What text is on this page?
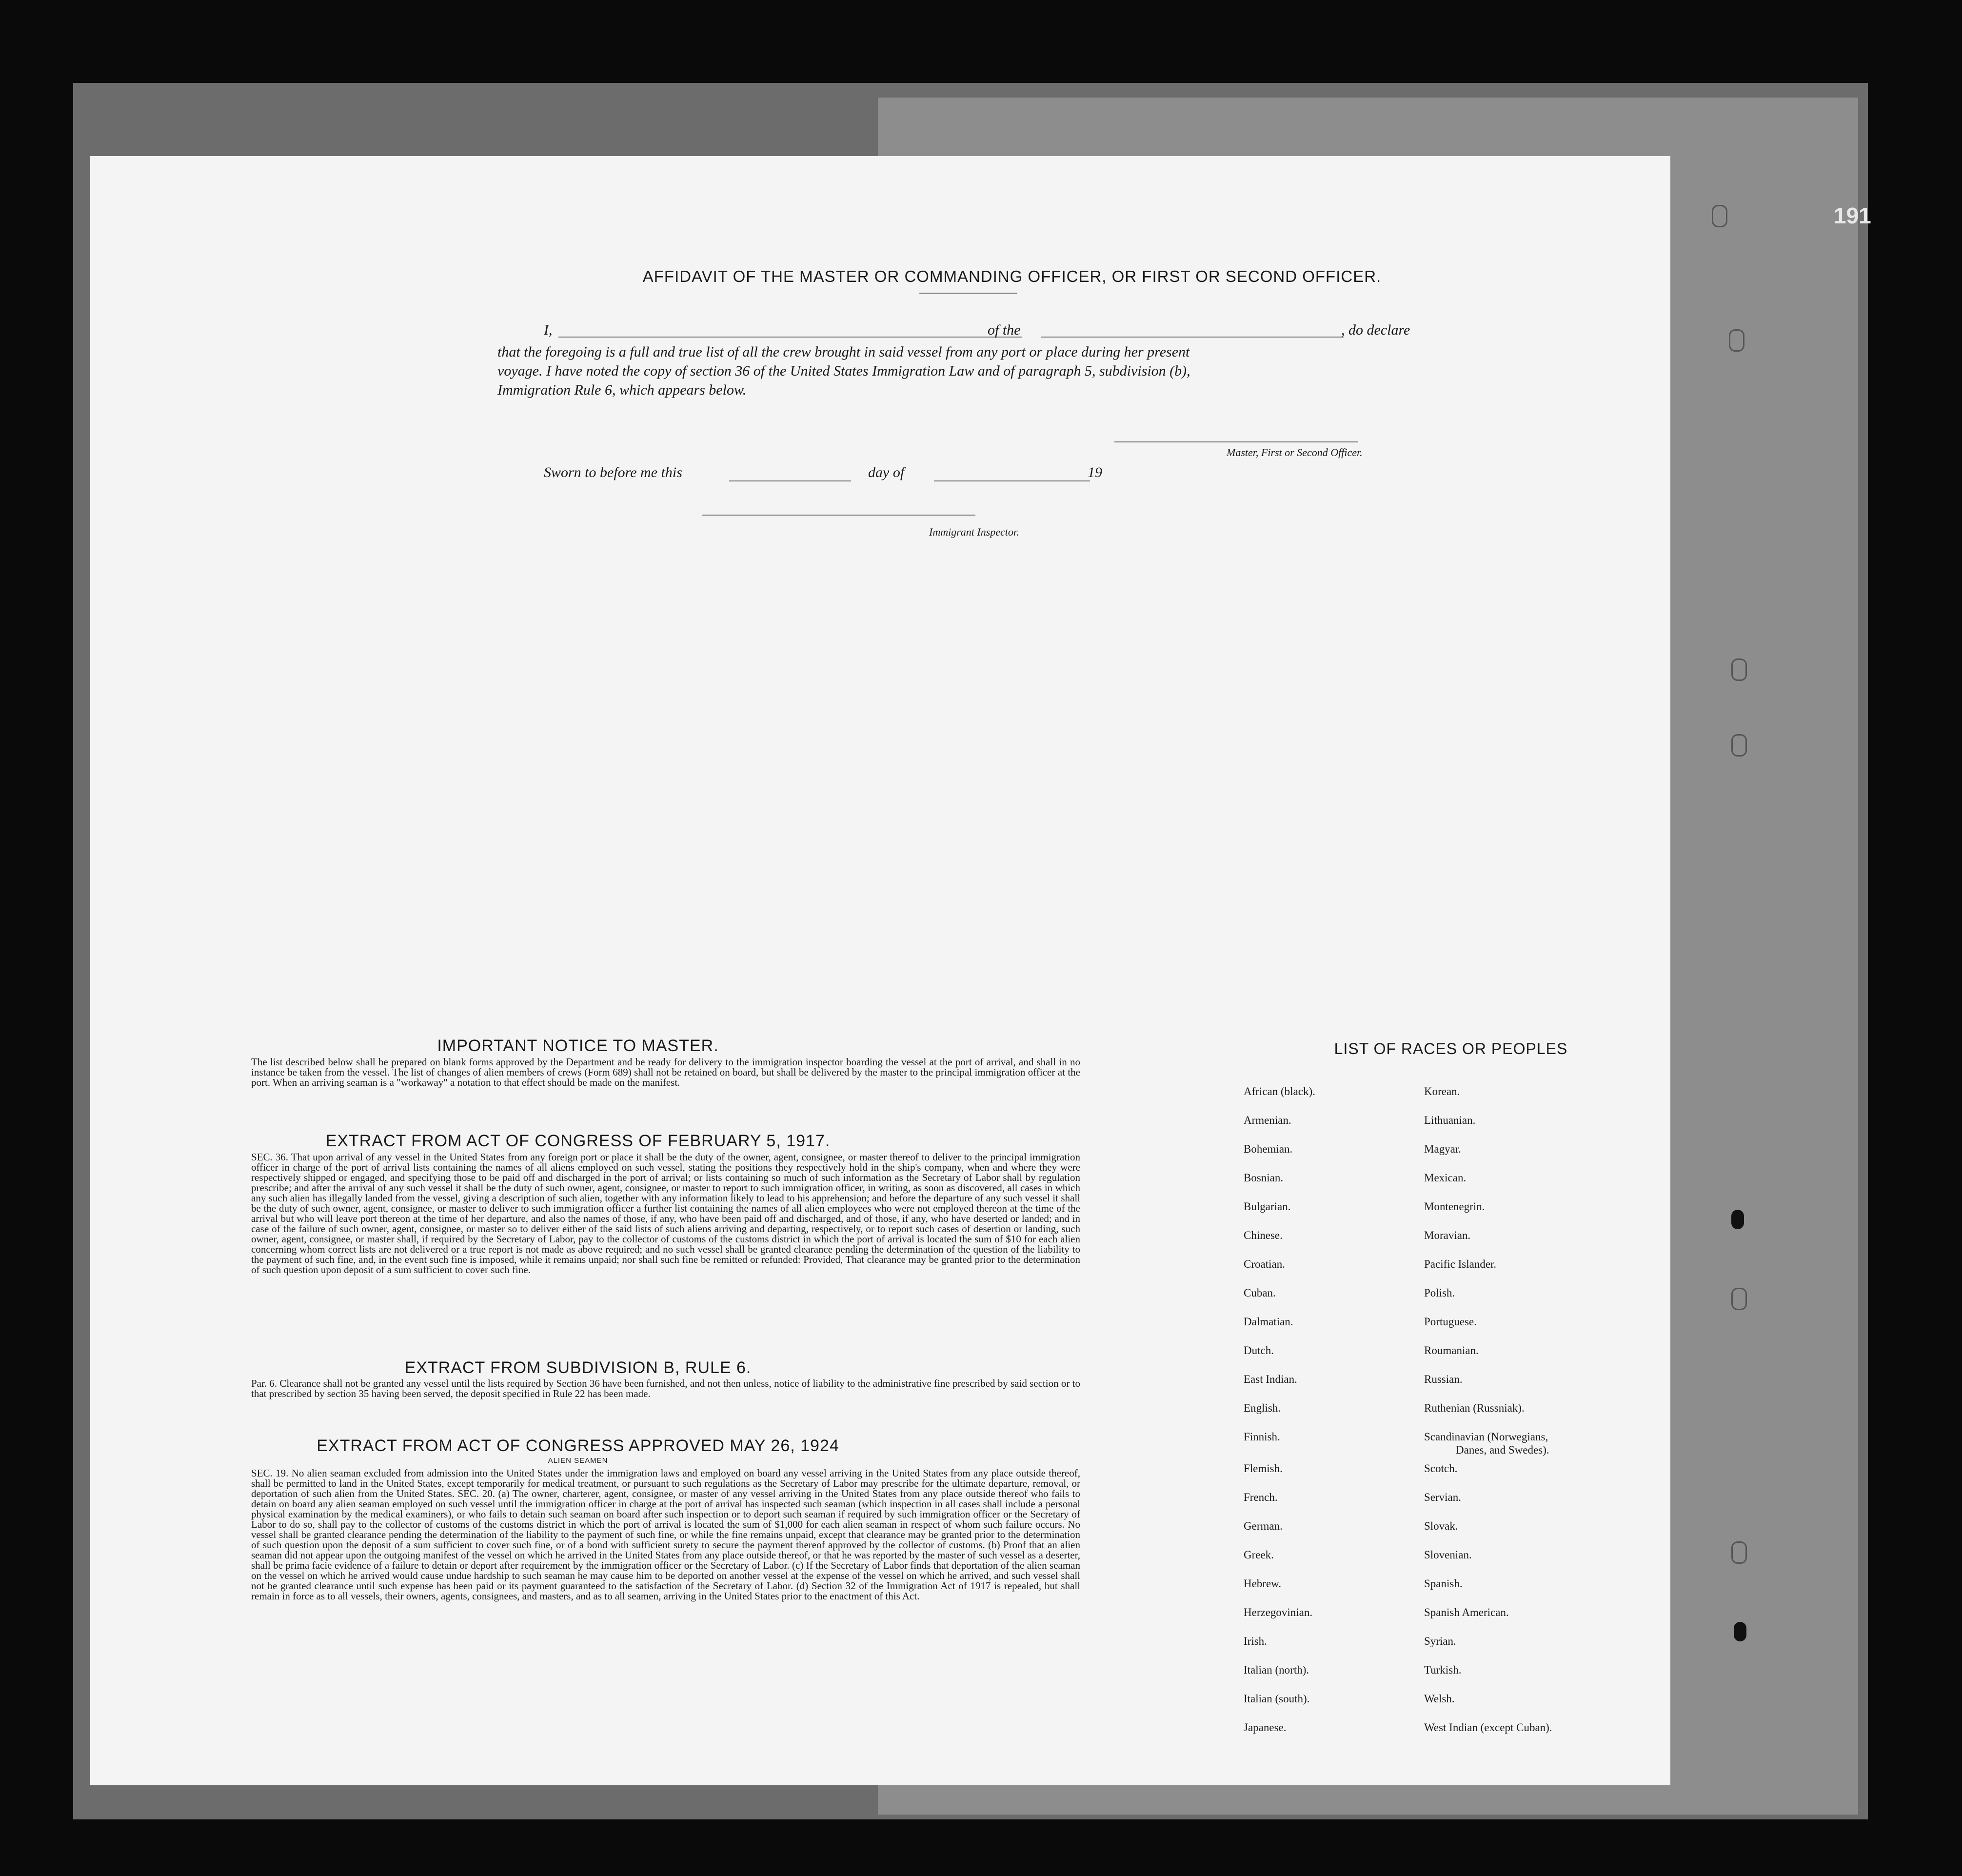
191
AFFIDAVIT OF THE MASTER OR COMMANDING OFFICER, OR FIRST OR SECOND OFFICER.
I,	of the	, do declare
that the foregoing is a full and true list of all the crew brought in said vessel from any port or place during her present
voyage. I have noted the copy of section 36 of the United States Immigration Law and of paragraph 5, subdivision (b),
Immigration Rule 6, which appears below.
Master, First or Second Officer.
Sworn to before me this	day of	19
Immigrant Inspector.
IMPORTANT NOTICE TO MASTER.
The list described below shall be prepared on blank forms approved by the Department and be ready for delivery to the immigration inspector boarding the vessel at the port of arrival, and shall in no instance be taken from the vessel. The list of changes of alien members of crews (Form 689) shall not be retained on board, but shall be delivered by the master to the principal immigration officer at the port. When an arriving seaman is a "workaway" a notation to that effect should be made on the manifest.
EXTRACT FROM ACT OF CONGRESS OF FEBRUARY 5, 1917.
SEC. 36. That upon arrival of any vessel in the United States from any foreign port or place it shall be the duty of the owner, agent, consignee, or master thereof to deliver to the principal immigration officer in charge of the port of arrival lists containing the names of all aliens employed on such vessel, stating the positions they respectively hold in the ship's company, when and where they were respectively shipped or engaged, and specifying those to be paid off and discharged in the port of arrival; or lists containing so much of such information as the Secretary of Labor shall by regulation prescribe; and after the arrival of any such vessel it shall be the duty of such owner, agent, consignee, or master to report to such immigration officer, in writing, as soon as discovered, all cases in which any such alien has illegally landed from the vessel, giving a description of such alien, together with any information likely to lead to his apprehension; and before the departure of any such vessel it shall be the duty of such owner, agent, consignee, or master to deliver to such immigration officer a further list containing the names of all alien employees who were not employed thereon at the time of the arrival but who will leave port thereon at the time of her departure, and also the names of those, if any, who have been paid off and discharged, and of those, if any, who have deserted or landed; and in case of the failure of such owner, agent, consignee, or master so to deliver either of the said lists of such aliens arriving and departing, respectively, or to report such cases of desertion or landing, such owner, agent, consignee, or master shall, if required by the Secretary of Labor, pay to the collector of customs of the customs district in which the port of arrival is located the sum of $10 for each alien concerning whom correct lists are not delivered or a true report is not made as above required; and no such vessel shall be granted clearance pending the determination of the question of the liability to the payment of such fine, and, in the event such fine is imposed, while it remains unpaid; nor shall such fine be remitted or refunded: Provided, That clearance may be granted prior to the determination of such question upon deposit of a sum sufficient to cover such fine.
EXTRACT FROM SUBDIVISION B, RULE 6.
Par. 6. Clearance shall not be granted any vessel until the lists required by Section 36 have been furnished, and not then unless, notice of liability to the administrative fine prescribed by said section or to that prescribed by section 35 having been served, the deposit specified in Rule 22 has been made.
EXTRACT FROM ACT OF CONGRESS APPROVED MAY 26, 1924
ALIEN SEAMEN
SEC. 19. No alien seaman excluded from admission into the United States under the immigration laws and employed on board any vessel arriving in the United States from any place outside thereof, shall be permitted to land in the United States, except temporarily for medical treatment, or pursuant to such regulations as the Secretary of Labor may prescribe for the ultimate departure, removal, or deportation of such alien from the United States. SEC. 20. (a) The owner, charterer, agent, consignee, or master of any vessel arriving in the United States from any place outside thereof who fails to detain on board any alien seaman employed on such vessel until the immigration officer in charge at the port of arrival has inspected such seaman (which inspection in all cases shall include a personal physical examination by the medical examiners), or who fails to detain such seaman on board after such inspection or to deport such seaman if required by such immigration officer or the Secretary of Labor to do so, shall pay to the collector of customs of the customs district in which the port of arrival is located the sum of $1,000 for each alien seaman in respect of whom such failure occurs. No vessel shall be granted clearance pending the determination of the liability to the payment of such fine, or while the fine remains unpaid, except that clearance may be granted prior to the determination of such question upon the deposit of a sum sufficient to cover such fine, or of a bond with sufficient surety to secure the payment thereof approved by the collector of customs. (b) Proof that an alien seaman did not appear upon the outgoing manifest of the vessel on which he arrived in the United States from any place outside thereof, or that he was reported by the master of such vessel as a deserter, shall be prima facie evidence of a failure to detain or deport after requirement by the immigration officer or the Secretary of Labor. (c) If the Secretary of Labor finds that deportation of the alien seaman on the vessel on which he arrived would cause undue hardship to such seaman he may cause him to be deported on another vessel at the expense of the vessel on which he arrived, and such vessel shall not be granted clearance until such expense has been paid or its payment guaranteed to the satisfaction of the Secretary of Labor. (d) Section 32 of the Immigration Act of 1917 is repealed, but shall remain in force as to all vessels, their owners, agents, consignees, and masters, and as to all seamen, arriving in the United States prior to the enactment of this Act.
LIST OF RACES OR PEOPLES
African (black).
Armenian.
Bohemian.
Bosnian.
Bulgarian.
Chinese.
Croatian.
Cuban.
Dalmatian.
Dutch.
East Indian.
English.
Finnish.
Flemish.
French.
German.
Greek.
Hebrew.
Herzegovinian.
Irish.
Italian (north).
Italian (south).
Japanese.
Korean.
Lithuanian.
Magyar.
Mexican.
Montenegrin.
Moravian.
Pacific Islander.
Polish.
Portuguese.
Roumanian.
Russian.
Ruthenian (Russniak).
Scandinavian (Norwegians,
Danes, and Swedes).
Scotch.
Servian.
Slovak.
Slovenian.
Spanish.
Spanish American.
Syrian.
Turkish.
Welsh.
West Indian (except Cuban).
